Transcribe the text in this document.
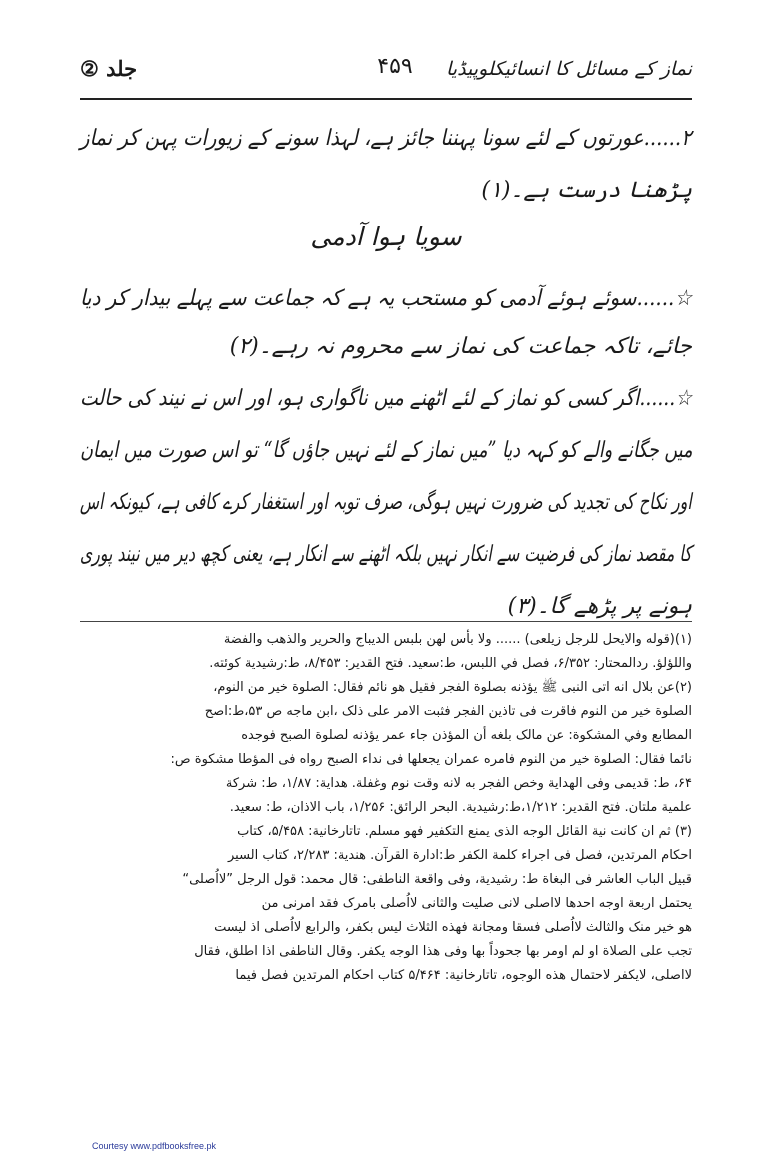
جلد ②	۴۵۹	نماز کے مسائل کا انسائیکلوپیڈیا
۲......عورتوں کے لئے سونا پہننا جائز ہے، لہذا سونے کے زیورات پہن کر نماز
پڑھنا درست ہے۔(۱)
سویا ہوا آدمی
☆......سوئے ہوئے آدمی کو مستحب یہ ہے کہ جماعت سے پہلے بیدار کر دیا
جائے، تاکہ جماعت کی نماز سے محروم نہ رہے۔(۲)
☆......اگر کسی کو نماز کے لئے اٹھنے میں ناگواری ہو، اور اس نے نیند کی حالت
میں جگانے والے کو کہہ دیا ”میں نماز کے لئے نہیں جاؤں گا“ تو اس صورت میں ایمان
اور نکاح کی تجدید کی ضرورت نہیں ہوگی، صرف توبہ اور استغفار کرے کافی ہے، کیونکہ اس
کا مقصد نماز کی فرضیت سے انکار نہیں بلکہ اٹھنے سے انکار ہے، یعنی کچھ دیر میں نیند پوری
ہونے پر پڑھے گا۔(۳)
(۱)(قوله والايحل للرجل زيلعی) ...... ولا بأس لهن بلبس الديباج والحرير والذهب والفضة
واللؤلؤ. ردالمحتار: ۶/۳۵۲، فصل في اللبس، ط:سعيد. فتح القدير: ۸/۴۵۳، ط:رشيدية كوئته.
(۲)عن بلال انه اتى النبی ﷺ يؤذنه بصلوة الفجر فقيل هو نائم فقال: الصلوة خير من النوم،
الصلوة خير من النوم فاقرت فی تاذين الفجر فثبت الامر على ذلک ،ابن ماجه ص ۵۳،ط:اصح
المطابع وفي المشكوة: عن مالک بلغه أن المؤذن جاء عمر يؤذنه لصلوة الصبح فوجده
نائما فقال: الصلوة خير من النوم فامره عمران يجعلها فی نداء الصبح رواه فی المؤطا مشكوة ص:
۶۴، ط: قديمی وفی الهداية وخص الفجر به لانه وقت نوم وغفلة. هداية: ۱/۸۷، ط: شركة
علمية ملتان. فتح القدير: ۱/۲۱۲،ط:رشيدية. البحر الرائق: ۱/۲۵۶، باب الاذان، ط: سعيد.
(۳) ثم ان كانت نية القائل الوجه الذی يمنع التكفير فهو مسلم. تاتارخانية: ۵/۴۵۸، كتاب
احكام المرتدين، فصل فی اجراء كلمة الكفر ط:ادارة القرآن. هندية: ۲/۲۸۳، كتاب السير
قبيل الباب العاشر فی البغاة ط: رشيدية، وفی واقعة الناطفی: قال محمد: قول الرجل ”لااُصلی“
يحتمل اربعة اوجه احدها لااصلی لانی صليت والثانی لااُصلی بامرک فقد امرنی من
هو خير منک والثالث لااُصلی فسقا ومجانة فهذه الثلاث ليس بكفر، والرابع لااُصلی اذ ليست
تجب على الصلاة او لم اومر بها جحوداً بها وفی هذا الوجه يكفر. وقال الناطفی اذا اطلق، فقال
لااصلی، لايكفر لاحتمال هذه الوجوه، تاتارخانية: ۵/۴۶۴ كتاب احكام المرتدين فصل فيما
Courtesy www.pdfbooksfree.pk
